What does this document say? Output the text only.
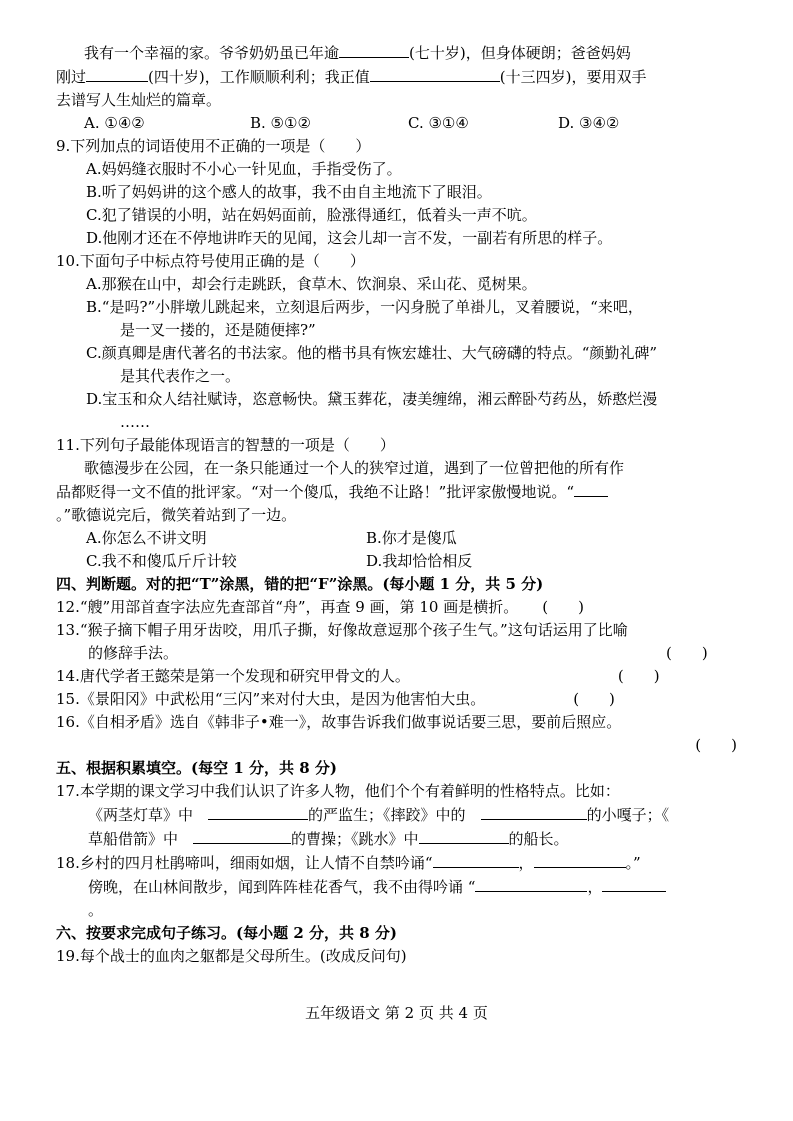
我有一个幸福的家。爷爷奶奶虽已年逾	(七十岁)，但身体硬朗；爸爸妈妈

刚过	(四十岁)，工作顺顺利利；我正值	(十三四岁)，要用双手

去谱写人生灿烂的篇章。

A. ①④②	B. ⑤①②	C. ③①④	D. ③④②

9.下列加点的词语使用不正确的一项是（　　）

A.妈妈缝衣服时不小心一针见血，手指受伤了。

B.听了妈妈讲的这个感人的故事，我不由自主地流下了眼泪。

C.犯了错误的小明，站在妈妈面前，脸涨得通红，低着头一声不吭。

D.他刚才还在不停地讲昨天的见闻，这会儿却一言不发，一副若有所思的样子。

10.下面句子中标点符号使用正确的是（　　）

A.那猴在山中，却会行走跳跃，食草木、饮涧泉、采山花、觅树果。

B.“是吗?”小胖墩儿跳起来，立刻退后两步，一闪身脱了单褂儿，叉着腰说，“来吧，

是一叉一搂的，还是随便摔?”

C.颜真卿是唐代著名的书法家。他的楷书具有恢宏雄壮、大气磅礴的特点。“颜勤礼碑”

是其代表作之一。

D.宝玉和众人结社赋诗，恣意畅快。黛玉葬花，凄美缠绵，湘云醉卧芍药丛，娇憨烂漫

……

11.下列句子最能体现语言的智慧的一项是（　　）

歌德漫步在公园，在一条只能通过一个人的狭窄过道，遇到了一位曾把他的所有作

品都贬得一文不值的批评家。“对一个傻瓜，我绝不让路！”批评家傲慢地说。“

。”歌德说完后，微笑着站到了一边。

A.你怎么不讲文明	B.你才是傻瓜
C.我不和傻瓜斤斤计较	D.我却恰恰相反

四、判断题。对的把“T”涂黑，错的把“F”涂黑。(每小题 1 分，共 5 分)

12.“艘”用部首查字法应先查部首“舟”，再查 9 画，第 10 画是横折。 (　　)

13.“猴子摘下帽子用牙齿咬，用爪子撕，好像故意逗那个孩子生气。”这句话运用了比喻

的修辞手法。	(　　)

14.唐代学者王懿荣是第一个发现和研究甲骨文的人。	(　　)

15.《景阳冈》中武松用“三闪”来对付大虫，是因为他害怕大虫。	(　　)

16.《自相矛盾》选自《韩非子•难一》，故事告诉我们做事说话要三思，要前后照应。

(　　)

五、根据积累填空。(每空 1 分，共 8 分)

17.本学期的课文学习中我们认识了许多人物，他们个个有着鲜明的性格特点。比如：

《两茎灯草》中　	的严监生；《摔跤》中的　	的小嘎子；《

草船借箭》中　	的曹操；《跳水》中	的船长。

18.乡村的四月杜鹃啼叫，细雨如烟，让人情不自禁吟诵“	，	。”

傍晚，在山林间散步，闻到阵阵桂花香气，我不由得吟诵 “	，

。

六、按要求完成句子练习。(每小题 2 分，共 8 分)

19.每个战士的血肉之躯都是父母所生。(改成反问句)

五年级语文 第 2 页 共 4 页
